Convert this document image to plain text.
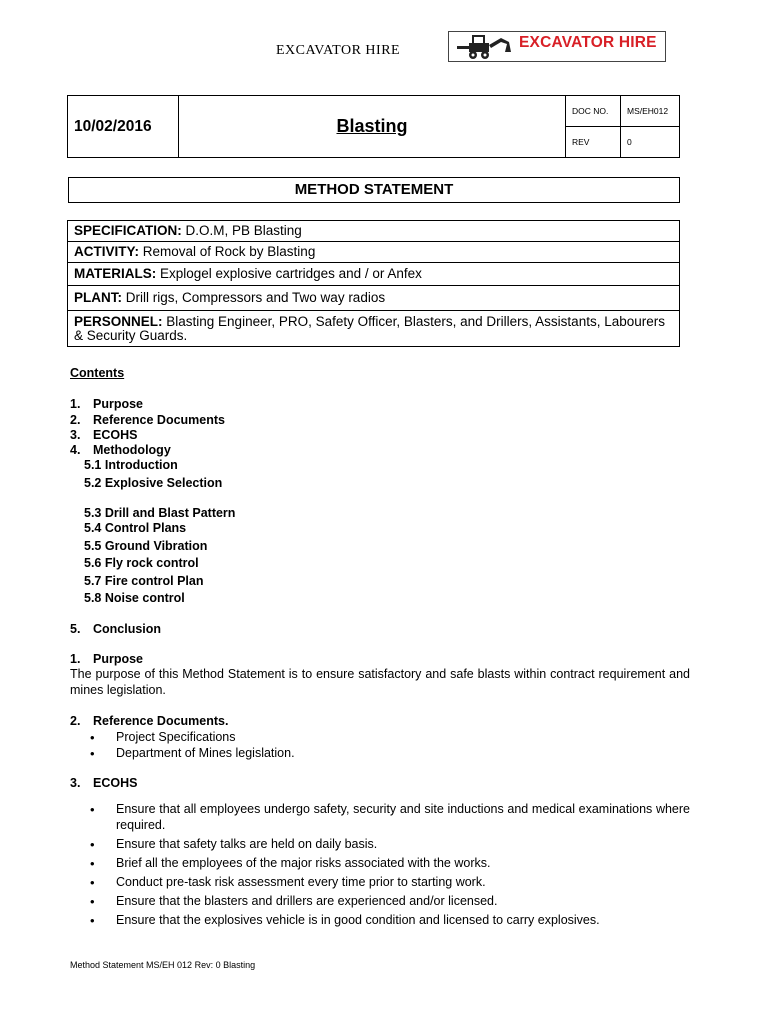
EXCAVATOR HIRE	EXCAVATOR HIRE
10/02/2016	Blasting	DOC NO.	MS/EH012
		REV	0
METHOD STATEMENT
SPECIFICATION: D.O.M, PB Blasting
ACTIVITY: Removal of Rock by Blasting
MATERIALS: Explogel explosive cartridges and / or Anfex
PLANT: Drill rigs, Compressors and Two way radios
PERSONNEL: Blasting Engineer, PRO, Safety Officer, Blasters, and Drillers, Assistants, Labourers & Security Guards.
Contents
1. Purpose
2. Reference Documents
3. ECOHS
4. Methodology
5.1 Introduction
5.2 Explosive Selection
5.3 Drill and Blast Pattern
5.4 Control Plans
5.5 Ground Vibration
5.6 Fly rock control
5.7 Fire control Plan
5.8 Noise control
5. Conclusion
1. Purpose
The purpose of this Method Statement is to ensure satisfactory and safe blasts within contract requirement and mines legislation.
2. Reference Documents.
• Project Specifications
• Department of Mines legislation.
3. ECOHS
• Ensure that all employees undergo safety, security and site inductions and medical examinations where required.
• Ensure that safety talks are held on daily basis.
• Brief all the employees of the major risks associated with the works.
• Conduct pre-task risk assessment every time prior to starting work.
• Ensure that the blasters and drillers are experienced and/or licensed.
• Ensure that the explosives vehicle is in good condition and licensed to carry explosives.
Method Statement MS/EH 012 Rev: 0 Blasting
